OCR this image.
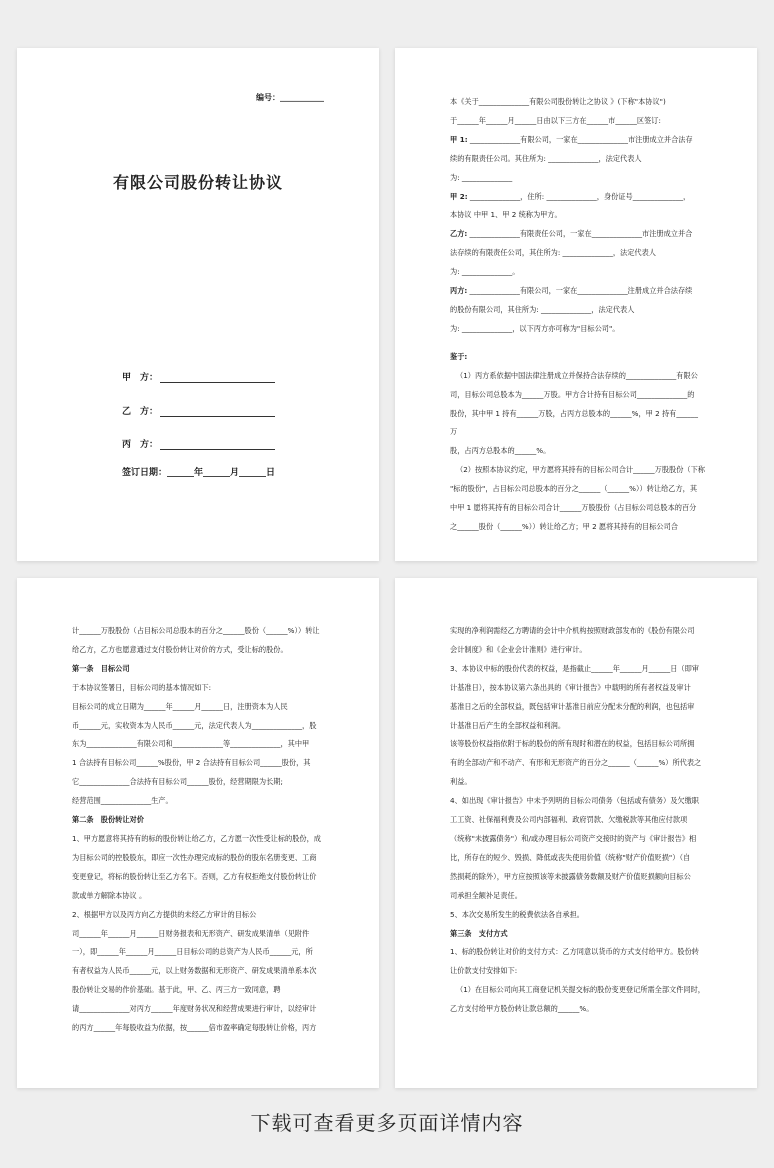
编号：___________
有限公司股份转让协议
甲　方：
乙　方：
丙　方：
签订日期：______年______月______日

本《关于______________有限公司股份转让之协议 》(下称"本协议")

于______年______月______日由以下三方在______市______区签订:

甲 1: ______________有限公司，一家在______________市注册成立并合法存

续的有限责任公司。其住所为: ______________，法定代表人

为: ______________

甲 2: ______________，住所: ______________，身份证号______________，

本协议 中甲 1、甲 2 统称为甲方。

乙方: ______________有限责任公司，一家在______________市注册成立并合

法存续的有限责任公司，其住所为: ______________，法定代表人

为: ______________。

丙方: ______________有限公司，一家在______________注册成立并合法存续

的股份有限公司，其住所为: ______________，法定代表人

为: ______________，以下丙方亦可称为"目标公司"。

鉴于:

（1）丙方系依据中国法律注册成立并保持合法存续的______________有限公

司，目标公司总股本为______万股。甲方合计持有目标公司______________的

股份，其中甲 1 持有______万股，占丙方总股本的______%，甲 2 持有______万

股，占丙方总股本的______%。

（2）按照本协议约定，甲方愿将其持有的目标公司合计______万股股份（下称

"标的股份"，占目标公司总股本的百分之______（______%））转让给乙方，其

中甲 1 愿将其持有的目标公司合计______万股股份（占目标公司总股本的百分

之______股份（______%））转让给乙方；甲 2 愿将其持有的目标公司合

计______万股股份（占目标公司总股本的百分之______股份（______%））转让

给乙方，乙方也愿意通过支付股份转让对价的方式，受让标的股份。

第一条　目标公司

于本协议签署日，目标公司的基本情况如下:

目标公司的成立日期为______年______月______日，注册资本为人民

币______元，实收资本为人民币______元，法定代表人为______________，股

东为______________有限公司和______________等______________，其中甲

1 合法持有目标公司______%股份，甲 2 合法持有目标公司______股份，其

它______________合法持有目标公司______股份，经营期限为长期;

经营范围______________生产。

第二条　股份转让对价

1、甲方愿意将其持有的标的股份转让给乙方，乙方愿一次性受让标的股份，成

为目标公司的控股股东，即应一次性办理完成标的股份的股东名册变更、工商

变更登记，将标的股份转让至乙方名下。否则，乙方有权拒绝支付股份转让价

款或单方解除本协议 。

2、根据甲方以及丙方向乙方提供的未经乙方审计的目标公

司______年______月______日财务报表和无形资产、研发成果清单（见附件

一），即______年______月______日目标公司的总资产为人民币______元，所

有者权益为人民币______元，以上财务数据和无形资产、研发成果清单系本次

股份转让交易的作价基础。基于此，甲、乙、丙三方一致同意，聘

请______________对丙方______年度财务状况和经营成果进行审计，以经审计

的丙方______年每股收益为依据，按______倍市盈率确定每股转让价格，丙方

实现的净利润需经乙方聘请的会计中介机构按照财政部发布的《股份有限公司

会计制度》和《企业会计准则》进行审计。

3、本协议中标的股份代表的权益，是指截止______年______月______日（即审

计基准日），按本协议第六条出具的《审计报告》中载明的所有者权益及审计

基准日之后的全部权益，既包括审计基准日前应分配未分配的利润，也包括审

计基准日后产生的全部权益和利润。

该等股份权益指依附于标的股份的所有现时和潜在的权益，包括目标公司所拥

有的全部动产和不动产、有形和无形资产的百分之______（______%）所代表之

利益。

4、如出现《审计报告》中未予列明的目标公司债务（包括或有债务）及欠缴职

工工资、社保福利费及公司内部福利、政府罚款、欠缴税款等其他应付款项

（统称"未披露债务"）和/或办理目标公司资产交接时的资产与《审计报告》相

比，所存在的短少、毁损、降低或丧失使用价值（统称"财产价值贬损"）（自

然损耗的除外），甲方应按照该等未披露债务数额及财产价值贬损额向目标公

司承担全额补足责任。

5、本次交易所发生的税费依法各自承担。

第三条　支付方式

1、标的股份转让对价的支付方式：乙方同意以货币的方式支付给甲方。股份转

让价款支付安排如下:

（1）在目标公司向其工商登记机关提交标的股份变更登记所需全部文件同时，

乙方支付给甲方股份转让款总额的______%。

下载可查看更多页面详情内容
